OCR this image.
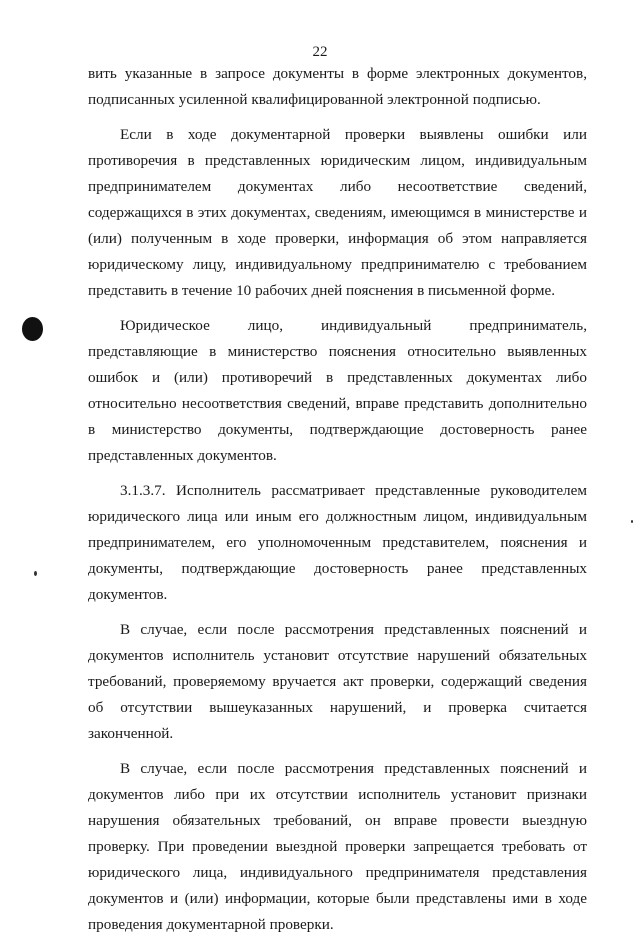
22

вить указанные в запросе документы в форме электронных документов, подписанных усиленной квалифицированной электронной подписью.

Если в ходе документарной проверки выявлены ошибки или противоречия в представленных юридическим лицом, индивидуальным предпринимателем документах либо несоответствие сведений, содержащихся в этих документах, сведениям, имеющимся в министерстве и (или) полученным в ходе проверки, информация об этом направляется юридическому лицу, индивидуальному предпринимателю с требованием представить в течение 10 рабочих дней пояснения в письменной форме.

Юридическое лицо, индивидуальный предприниматель, представляющие в министерство пояснения относительно выявленных ошибок и (или) противоречий в представленных документах либо относительно несоответствия сведений, вправе представить дополнительно в министерство документы, подтверждающие достоверность ранее представленных документов.

3.1.3.7. Исполнитель рассматривает представленные руководителем юридического лица или иным его должностным лицом, индивидуальным предпринимателем, его уполномоченным представителем, пояснения и документы, подтверждающие достоверность ранее представленных документов.

В случае, если после рассмотрения представленных пояснений и документов исполнитель установит отсутствие нарушений обязательных требований, проверяемому вручается акт проверки, содержащий сведения об отсутствии вышеуказанных нарушений, и проверка считается законченной.

В случае, если после рассмотрения представленных пояснений и документов либо при их отсутствии исполнитель установит признаки нарушения обязательных требований, он вправе провести выездную проверку. При проведении выездной проверки запрещается требовать от юридического лица, индивидуального предпринимателя представления документов и (или) информации, которые были представлены ими в ходе проведения документарной проверки.
